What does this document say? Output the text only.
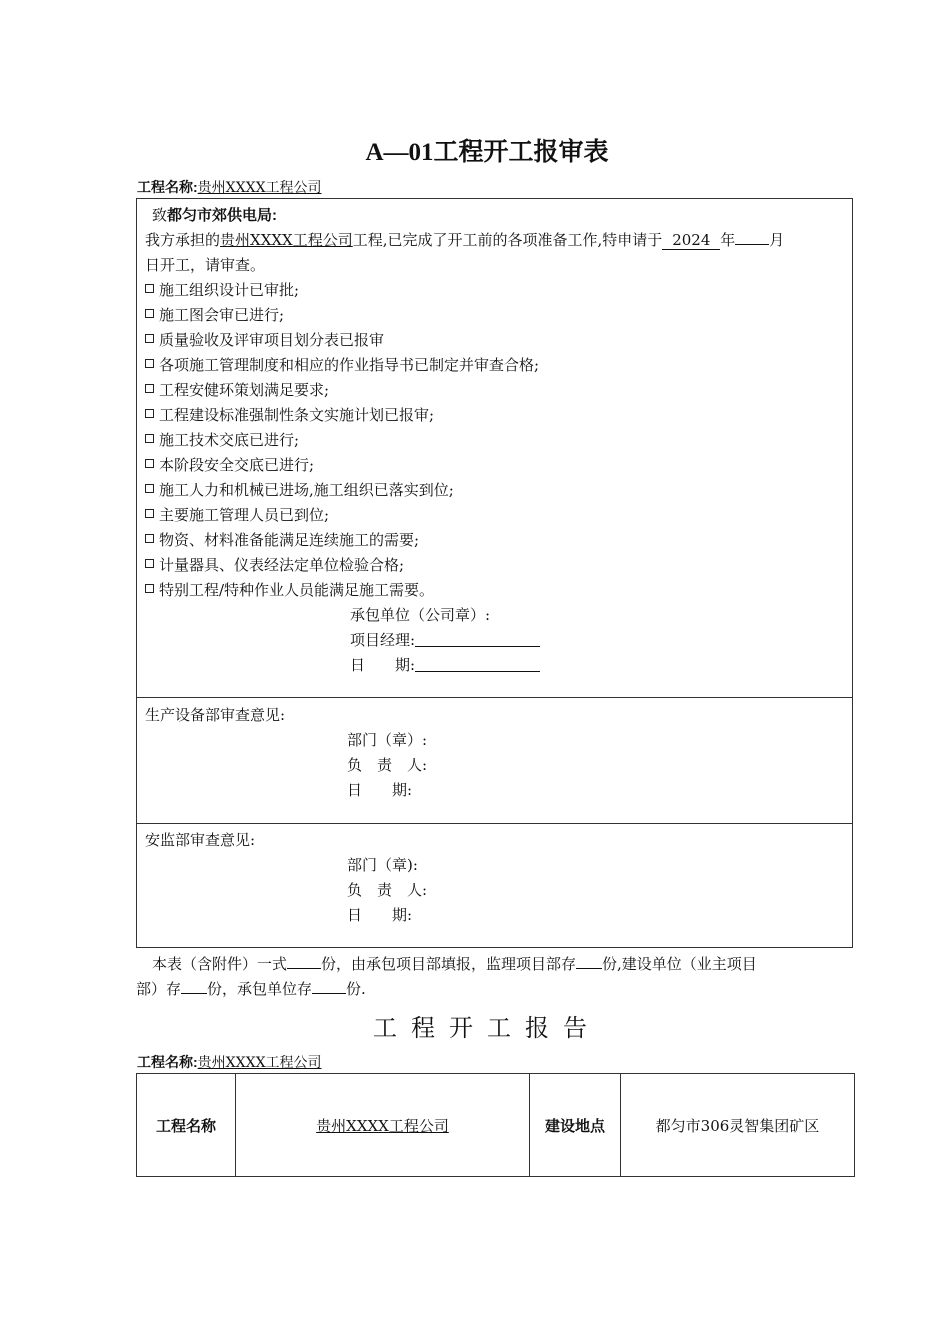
A—01工程开工报审表
工程名称:贵州XXXX工程公司
致都匀市郊供电局:
我方承担的贵州XXXX工程公司工程,已完成了开工前的各项准备工作,特申请于 2024 年 月
日开工，请审查。
施工组织设计已审批;
施工图会审已进行;
质量验收及评审项目划分表已报审
各项施工管理制度和相应的作业指导书已制定并审查合格;
工程安健环策划满足要求;
工程建设标准强制性条文实施计划已报审;
施工技术交底已进行;
本阶段安全交底已进行;
施工人力和机械已进场,施工组织已落实到位;
主要施工管理人员已到位;
物资、材料准备能满足连续施工的需要;
计量器具、仪表经法定单位检验合格;
特别工程/特种作业人员能满足施工需要。
承包单位（公司章）:
项目经理:
日　　期:
生产设备部审查意见:
部门（章）:
负　责　人:
日　　期:
安监部审查意见:
部门（章):
负　责　人:
日　　期:
本表（含附件）一式 份，由承包项目部填报，监理项目部存 份,建设单位（业主项目
部）存 份，承包单位存 份.
工程开工报告
工程名称:贵州XXXX工程公司
工程名称	贵州XXXX工程公司	建设地点	都匀市306灵智集团矿区
